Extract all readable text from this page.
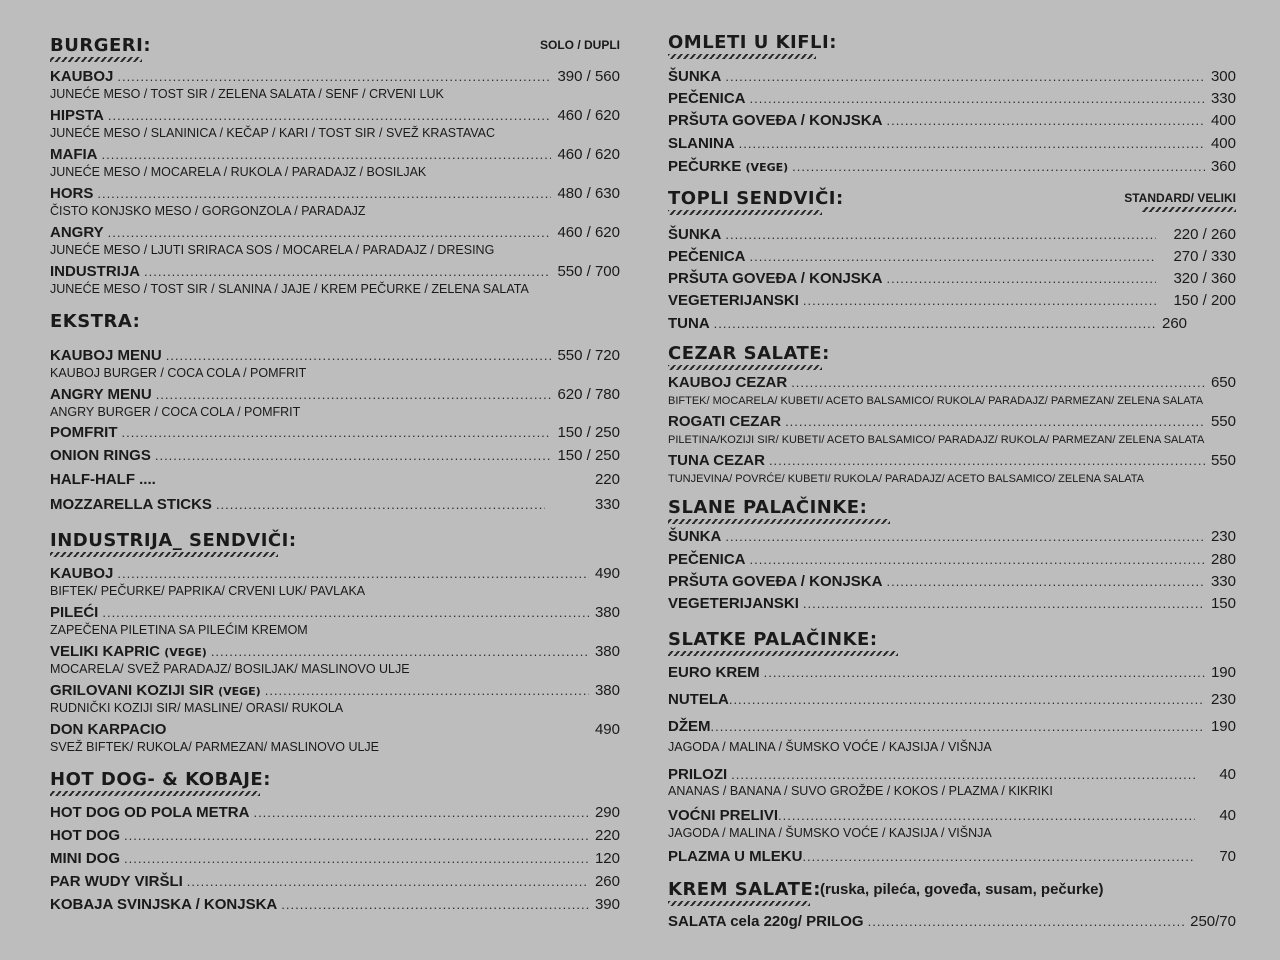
BURGERI:	SOLO / DUPLI
KAUBOJ .....	390 / 560
JUNEĆE MESO / TOST SIR / ZELENA SALATA / SENF / CRVENI LUK
HIPSTA .....	460 / 620
JUNEĆE MESO / SLANINICA / KEČAP / KARI / TOST SIR / SVEŽ KRASTAVAC
MAFIA .....	460 / 620
JUNEĆE MESO / MOCARELA / RUKOLA / PARADAJZ / BOSILJAK
HORS .....	480 / 630
ČISTO KONJSKO MESO / GORGONZOLA / PARADAJZ
ANGRY .....	460 / 620
JUNEĆE MESO / LJUTI SRIRACA SOS / MOCARELA / PARADAJZ / DRESING
INDUSTRIJA .....	550 / 700
JUNEĆE MESO / TOST SIR / SLANINA / JAJE / KREM PEČURKE / ZELENA SALATA
EKSTRA:
KAUBOJ MENU .....	550 / 720
KAUBOJ BURGER / COCA COLA / POMFRIT
ANGRY MENU .....	620 / 780
ANGRY BURGER / COCA COLA / POMFRIT
POMFRIT .....	150 / 250
ONION RINGS .....	150 / 250
HALF-HALF ....	220
MOZZARELLA STICKS .....	330
INDUSTRIJA_ SENDVIČI:
KAUBOJ .....	490
BIFTEK/ PEČURKE/ PAPRIKA/ CRVENI LUK/ PAVLAKA
PILEĆI .....	380
ZAPEČENA PILETINA SA PILEĆIM KREMOM
VELIKI KAPRIC (VEGE) .....	380
MOCARELA/ SVEŽ PARADAJZ/ BOSILJAK/ MASLINOVO ULJE
GRILOVANI KOZIJI SIR (VEGE) .....	380
RUDNIČKI KOZIJI SIR/ MASLINE/ ORASI/ RUKOLA
DON KARPACIO	490
SVEŽ BIFTEK/ RUKOLA/ PARMEZAN/ MASLINOVO ULJE
HOT DOG- & KOBAJE:
HOT DOG OD POLA METRA .....	290
HOT DOG .....	220
MINI DOG .....	120
PAR WUDY VIRŠLI .....	260
KOBAJA SVINJSKA / KONJSKA .....	390
OMLETI U KIFLI:
ŠUNKA .....	300
PEČENICA .....	330
PRŠUTA GOVEĐA / KONJSKA .....	400
SLANINA .....	400
PEČURKE (VEGE) .....	360
TOPLI SENDVIČI:	STANDARD/ VELIKI
ŠUNKA .....	220 / 260
PEČENICA .....	270 / 330
PRŠUTA GOVEĐA / KONJSKA .....	320 / 360
VEGETERIJANSKI .....	150 / 200
TUNA .....	260
CEZAR SALATE:
KAUBOJ CEZAR .....	650
BIFTEK/ MOCARELA/ KUBETI/ ACETO BALSAMICO/ RUKOLA/ PARADAJZ/ PARMEZAN/ ZELENA SALATA
ROGATI CEZAR .....	550
PILETINA/KOZIJI SIR/ KUBETI/ ACETO BALSAMICO/ PARADAJZ/ RUKOLA/ PARMEZAN/ ZELENA SALATA
TUNA CEZAR .....	550
TUNJEVINA/ POVRĆE/ KUBETI/ RUKOLA/ PARADAJZ/ ACETO BALSAMICO/ ZELENA SALATA
SLANE PALAČINKE:
ŠUNKA .....	230
PEČENICA .....	280
PRŠUTA GOVEĐA / KONJSKA .....	330
VEGETERIJANSKI .....	150
SLATKE PALAČINKE:
EURO KREM .....	190
NUTELA .....	230
DŽEM .....	190
JAGODA / MALINA / ŠUMSKO VOĆE / KAJSIJA / VIŠNJA
PRILOZI .....	40
ANANAS / BANANA / SUVO GROŽĐE / KOKOS / PLAZMA / KIKRIKI
VOĆNI PRELIVI .....	40
JAGODA / MALINA / ŠUMSKO VOĆE / KAJSIJA / VIŠNJA
PLAZMA U MLEKU .....	70
KREM SALATE: (ruska, pileća, goveđa, susam, pečurke)
SALATA cela 220g/ PRILOG .....	250/70
